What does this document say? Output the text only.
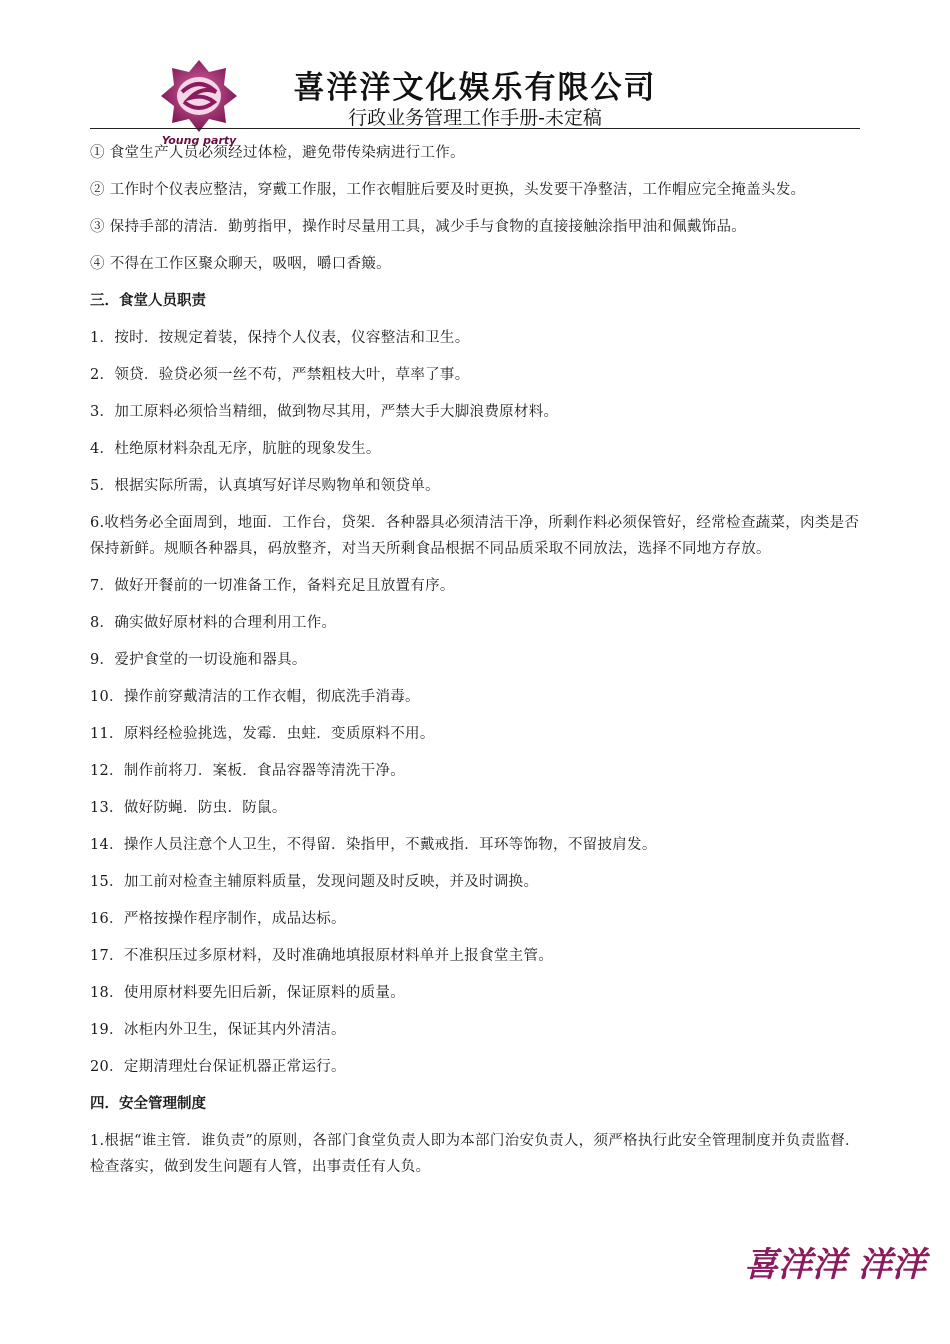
Young party
喜洋洋文化娱乐有限公司
行政业务管理工作手册-未定稿

① 食堂生产人员必须经过体检，避免带传染病进行工作。

② 工作时个仪表应整洁，穿戴工作服，工作衣帽脏后要及时更换，头发要干净整洁，工作帽应完全掩盖头发。

③ 保持手部的清洁．勤剪指甲，操作时尽量用工具，减少手与食物的直接接触涂指甲油和佩戴饰品。

④ 不得在工作区聚众聊天，吸咽，嚼口香簸。

三．食堂人员职责

1．按时．按规定着装，保持个人仪表，仪容整洁和卫生。

2．领贷．验贷必须一丝不苟，严禁粗枝大叶，草率了事。

3．加工原料必须恰当精细，做到物尽其用，严禁大手大脚浪费原材料。

4．杜绝原材料杂乱无序，肮脏的现象发生。

5．根据实际所需，认真填写好详尽购物单和领贷单。

6.收档务必全面周到，地面．工作台，贷架．各种器具必须清洁干净，所剩作料必须保管好，经常检查蔬菜，肉类是否保持新鲜。规顺各种器具，码放整齐，对当天所剩食品根据不同品质采取不同放法，选择不同地方存放。

7．做好开餐前的一切准备工作，备料充足且放置有序。

8．确实做好原材料的合理利用工作。

9．爱护食堂的一切设施和器具。

10．操作前穿戴清洁的工作衣帽，彻底洗手消毒。

11．原料经检验挑选，发霉．虫蛀．变质原料不用。

12．制作前将刀．案板．食品容器等清洗干净。

13．做好防蝇．防虫．防鼠。

14．操作人员注意个人卫生，不得留．染指甲，不戴戒指．耳环等饰物，不留披肩发。

15．加工前对检查主辅原料质量，发现问题及时反映，并及时调换。

16．严格按操作程序制作，成品达标。

17．不准积压过多原材料，及时准确地填报原材料单并上报食堂主管。

18．使用原材料要先旧后新，保证原料的质量。

19．冰柜内外卫生，保证其内外清洁。

20．定期清理灶台保证机器正常运行。

四．安全管理制度

1.根据“谁主管．谁负责”的原则，各部门食堂负责人即为本部门治安负责人，须严格执行此安全管理制度并负责监督．检查落实，做到发生问题有人管，出事责任有人负。

喜洋洋 洋洋
